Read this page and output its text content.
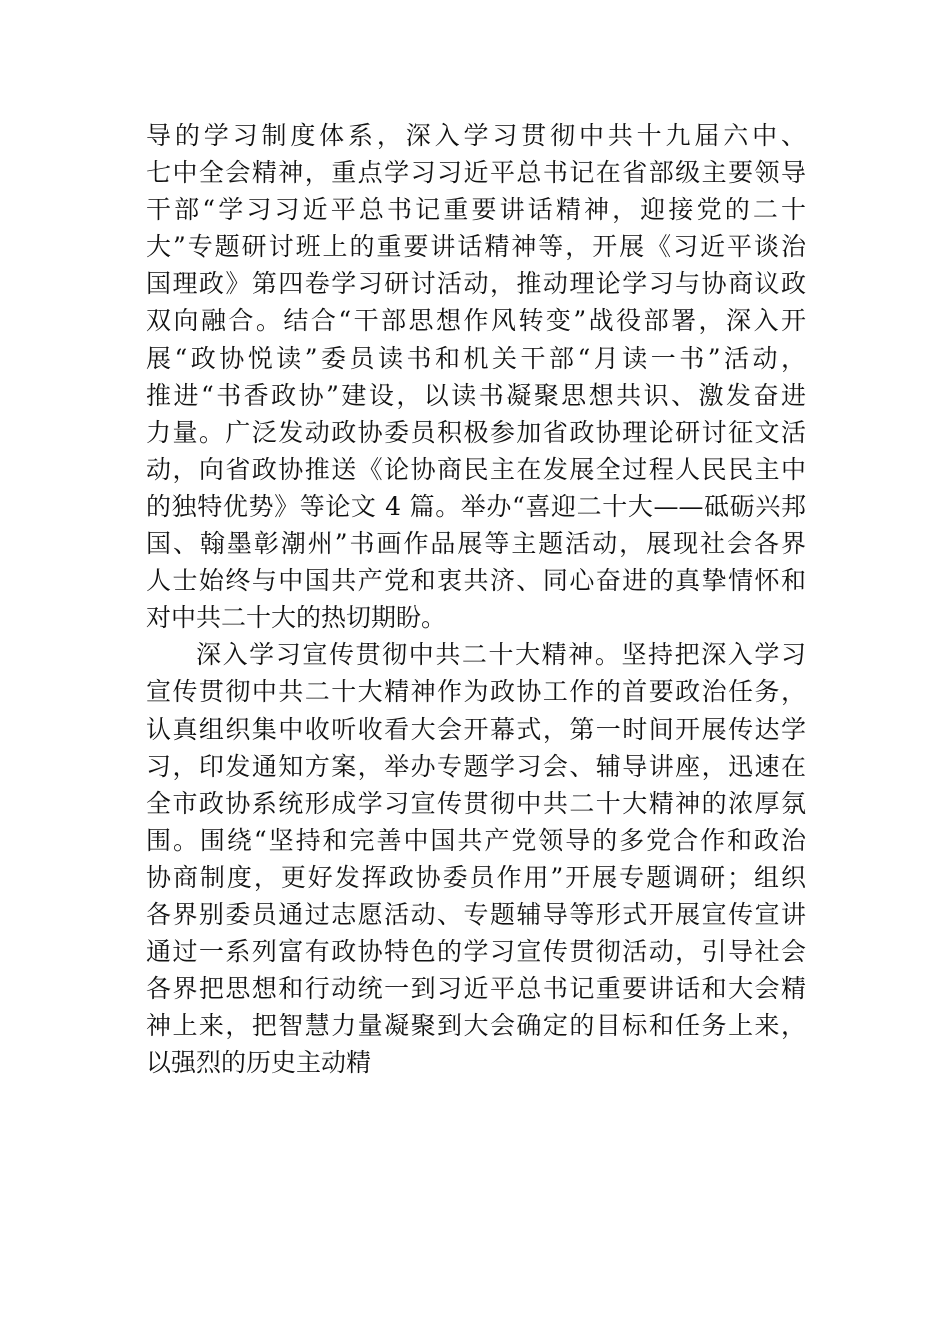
导的学习制度体系，深入学习贯彻中共十九届六中、
七中全会精神，重点学习习近平总书记在省部级主要领导
干部“学习习近平总书记重要讲话精神，迎接党的二十
大”专题研讨班上的重要讲话精神等，开展《习近平谈治
国理政》第四卷学习研讨活动，推动理论学习与协商议政
双向融合。结合“干部思想作风转变”战役部署，深入开
展“政协悦读”委员读书和机关干部“月读一书”活动，
推进“书香政协”建设，以读书凝聚思想共识、激发奋进
力量。广泛发动政协委员积极参加省政协理论研讨征文活
动，向省政协推送《论协商民主在发展全过程人民民主中
的独特优势》等论文 4 篇。举办“喜迎二十大——砥砺兴邦
国、翰墨彰潮州”书画作品展等主题活动，展现社会各界
人士始终与中国共产党和衷共济、同心奋进的真挚情怀和
对中共二十大的热切期盼。
深入学习宣传贯彻中共二十大精神。坚持把深入学习
宣传贯彻中共二十大精神作为政协工作的首要政治任务，
认真组织集中收听收看大会开幕式，第一时间开展传达学
习，印发通知方案，举办专题学习会、辅导讲座，迅速在
全市政协系统形成学习宣传贯彻中共二十大精神的浓厚氛
围。围绕“坚持和完善中国共产党领导的多党合作和政治
协商制度，更好发挥政协委员作用”开展专题调研；组织
各界别委员通过志愿活动、专题辅导等形式开展宣传宣讲
通过一系列富有政协特色的学习宣传贯彻活动，引导社会
各界把思想和行动统一到习近平总书记重要讲话和大会精
神上来，把智慧力量凝聚到大会确定的目标和任务上来，
以强烈的历史主动精
